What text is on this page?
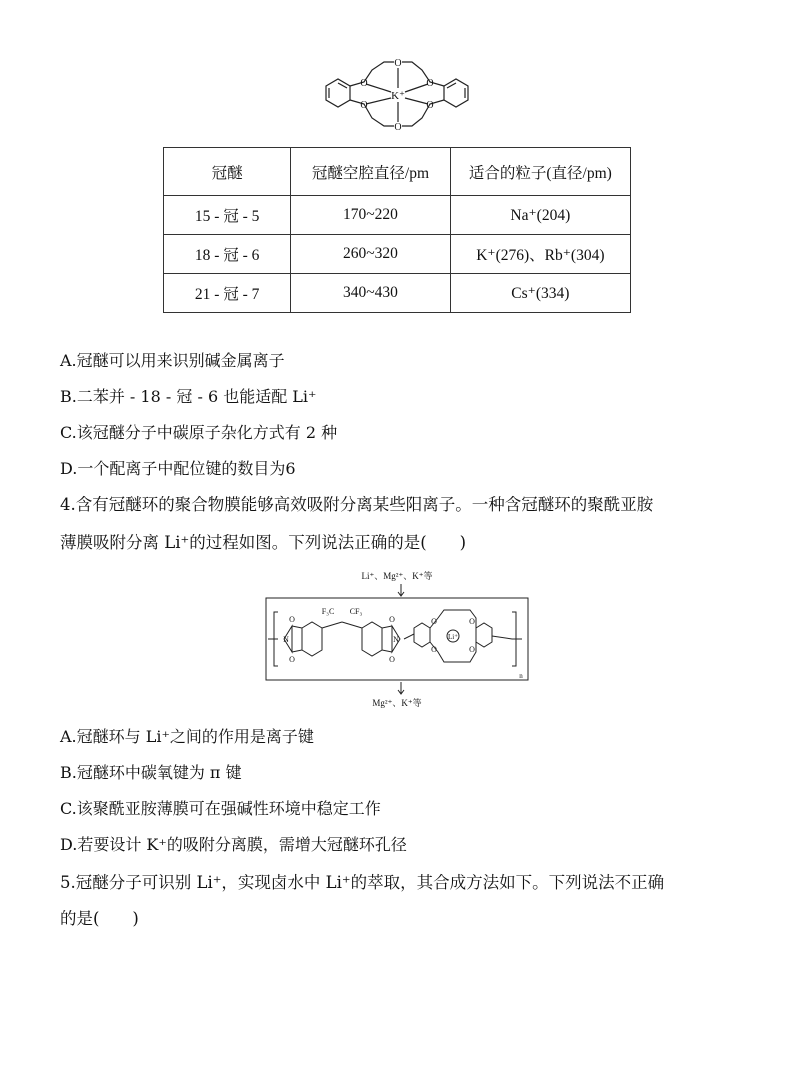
O
O
O
O
O
O
K⁺
冠醚	冠醚空腔直径/pm	适合的粒子(直径/pm)
15 - 冠 - 5	170~220	Na⁺(204)
18 - 冠 - 6	260~320	K⁺(276)、Rb⁺(304)
21 - 冠 - 7	340~430	Cs⁺(334)
A.冠醚可以用来识别碱金属离子
B.二苯并 - 18 - 冠 - 6 也能适配 Li⁺
C.该冠醚分子中碳原子杂化方式有 2 种
D.一个配离子中配位键的数目为6
4.含有冠醚环的聚合物膜能够高效吸附分离某些阳离子。一种含冠醚环的聚酰亚胺
薄膜吸附分离 Li⁺的过程如图。下列说法正确的是(　　)
Li⁺、Mg²⁺、K⁺等
Mg²⁺、K⁺等
N	N
O
O
O
O
O	O
O	O
F₃C CF₃
Li⁺
n
A.冠醚环与 Li⁺之间的作用是离子键
B.冠醚环中碳氧键为 π 键
C.该聚酰亚胺薄膜可在强碱性环境中稳定工作
D.若要设计 K⁺的吸附分离膜，需增大冠醚环孔径
5.冠醚分子可识别 Li⁺，实现卤水中 Li⁺的萃取，其合成方法如下。下列说法不正确
的是(　　)
